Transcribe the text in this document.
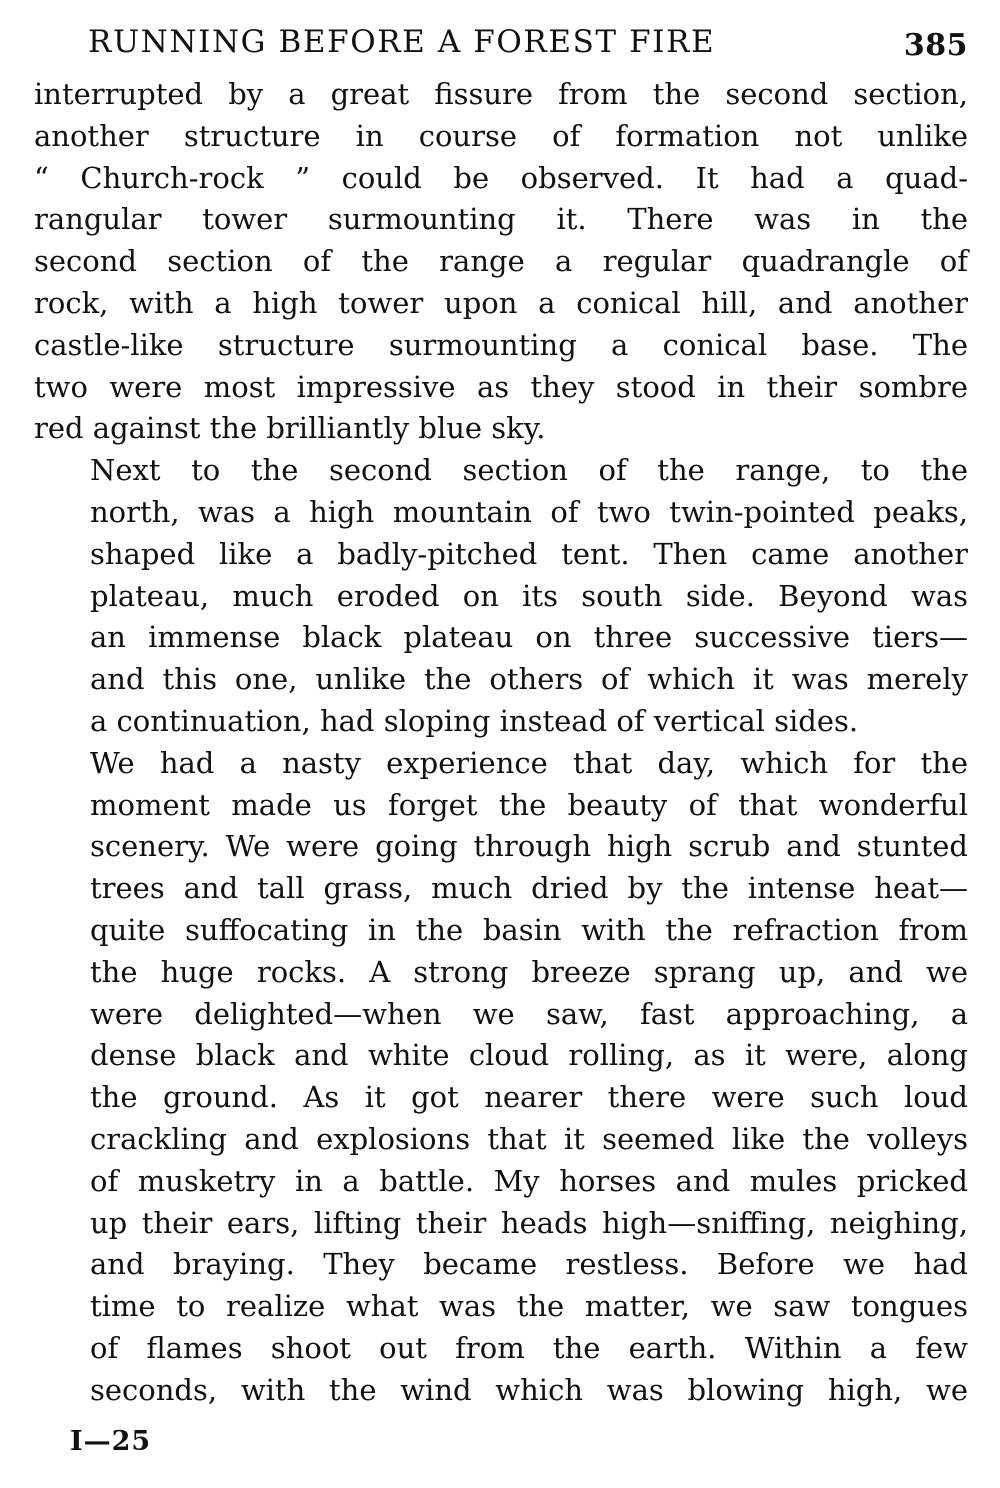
RUNNING BEFORE A FOREST FIRE	385

interrupted by a great fissure from the second section,
another structure in course of formation not unlike
“ Church-rock ” could be observed. It had a quad-
rangular tower surmounting it. There was in the
second section of the range a regular quadrangle of
rock, with a high tower upon a conical hill, and another
castle-like structure surmounting a conical base. The
two were most impressive as they stood in their sombre
red against the brilliantly blue sky.

Next to the second section of the range, to the
north, was a high mountain of two twin-pointed peaks,
shaped like a badly-pitched tent. Then came another
plateau, much eroded on its south side. Beyond was
an immense black plateau on three successive tiers—
and this one, unlike the others of which it was merely
a continuation, had sloping instead of vertical sides.

We had a nasty experience that day, which for the
moment made us forget the beauty of that wonderful
scenery. We were going through high scrub and stunted
trees and tall grass, much dried by the intense heat—
quite suffocating in the basin with the refraction from
the huge rocks. A strong breeze sprang up, and we
were delighted—when we saw, fast approaching, a
dense black and white cloud rolling, as it were, along
the ground. As it got nearer there were such loud
crackling and explosions that it seemed like the volleys
of musketry in a battle. My horses and mules pricked
up their ears, lifting their heads high—sniffing, neighing,
and braying. They became restless. Before we had
time to realize what was the matter, we saw tongues
of flames shoot out from the earth. Within a few
seconds, with the wind which was blowing high, we

I—25
